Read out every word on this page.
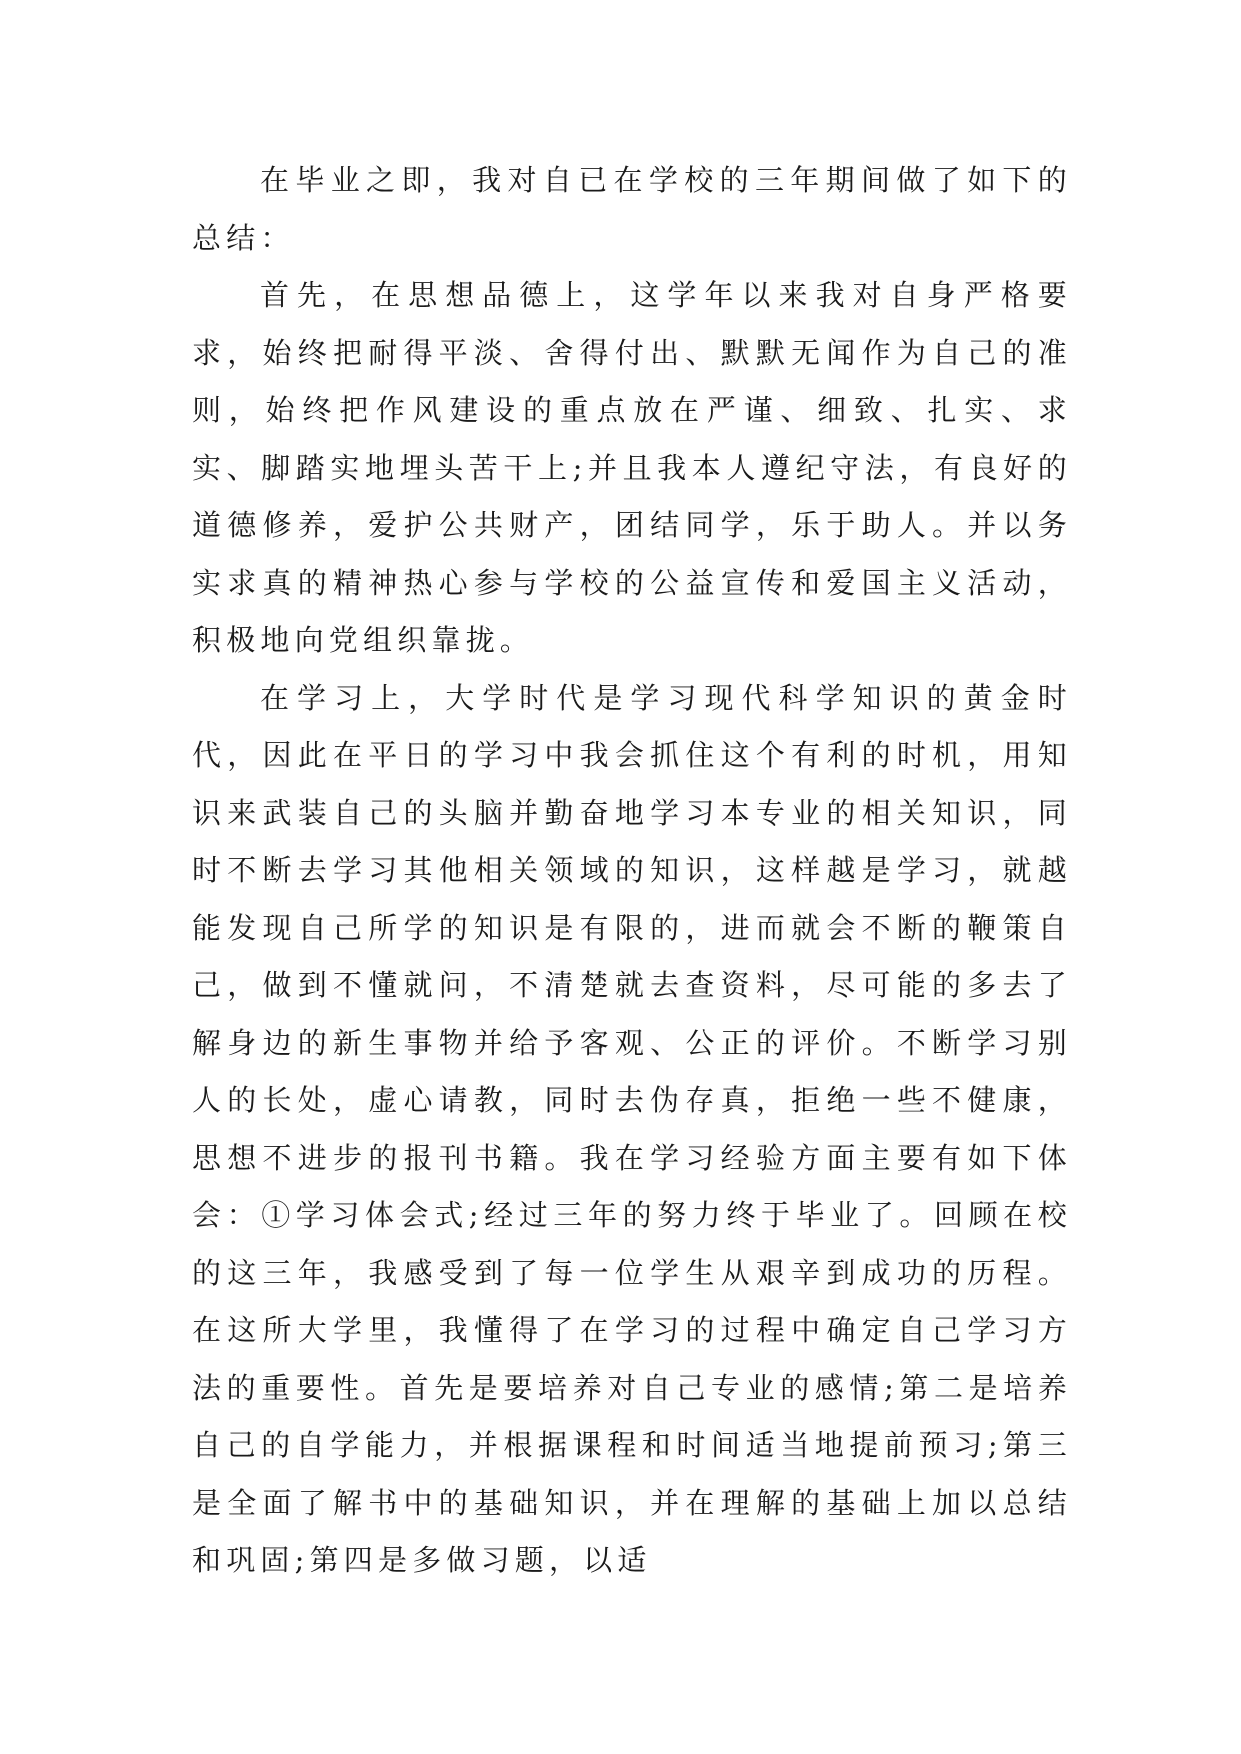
在毕业之即，我对自已在学校的三年期间做了如下的总结：

首先，在思想品德上，这学年以来我对自身严格要求，始终把耐得平淡、舍得付出、默默无闻作为自己的准则，始终把作风建设的重点放在严谨、细致、扎实、求实、脚踏实地埋头苦干上;并且我本人遵纪守法，有良好的道德修养，爱护公共财产，团结同学，乐于助人。并以务实求真的精神热心参与学校的公益宣传和爱国主义活动，积极地向党组织靠拢。

在学习上，大学时代是学习现代科学知识的黄金时代，因此在平日的学习中我会抓住这个有利的时机，用知识来武装自己的头脑并勤奋地学习本专业的相关知识，同时不断去学习其他相关领域的知识，这样越是学习，就越能发现自己所学的知识是有限的，进而就会不断的鞭策自己，做到不懂就问，不清楚就去查资料，尽可能的多去了解身边的新生事物并给予客观、公正的评价。不断学习别人的长处，虚心请教，同时去伪存真，拒绝一些不健康，思想不进步的报刊书籍。我在学习经验方面主要有如下体会：①学习体会式;经过三年的努力终于毕业了。回顾在校的这三年，我感受到了每一位学生从艰辛到成功的历程。在这所大学里，我懂得了在学习的过程中确定自己学习方法的重要性。首先是要培养对自己专业的感情;第二是培养自己的自学能力，并根据课程和时间适当地提前预习;第三是全面了解书中的基础知识，并在理解的基础上加以总结和巩固;第四是多做习题，以适
